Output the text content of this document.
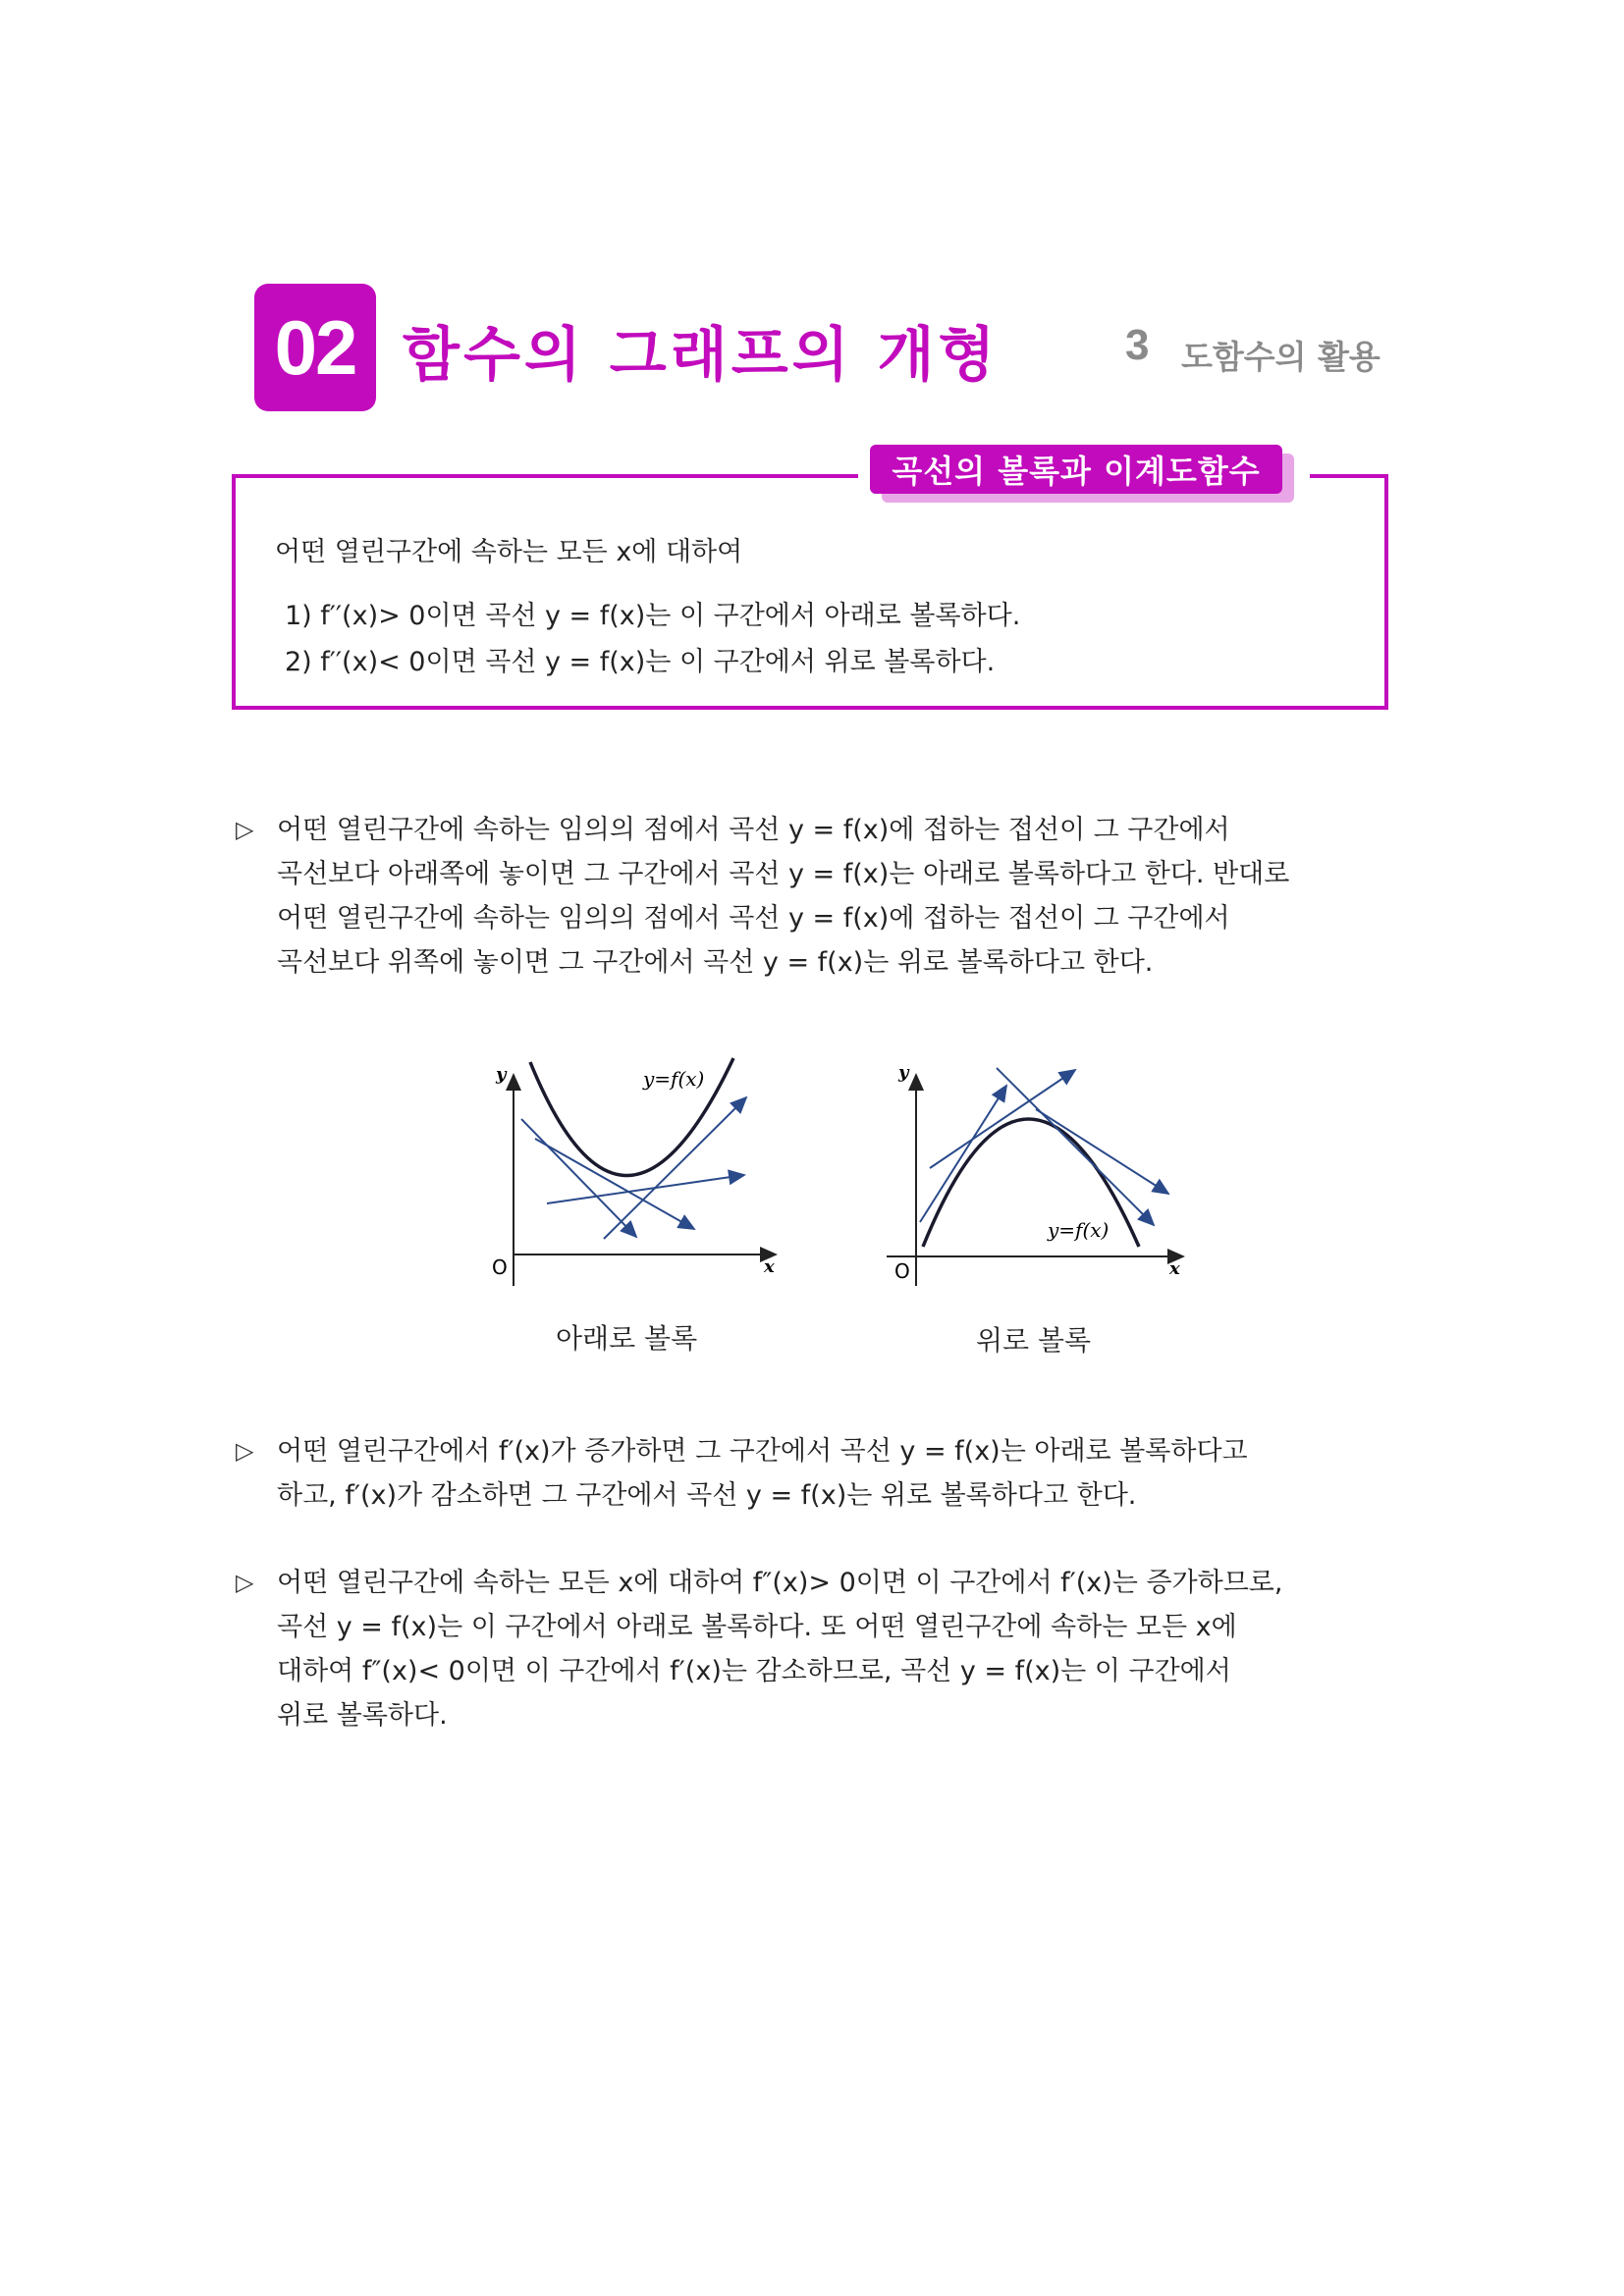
02 함수의 그래프의 개형	3 도함수의 활용
곡선의 볼록과 이계도함수
어떤 열린구간에 속하는 모든 x에 대하여
1) f′′(x)> 0이면 곡선 y = f(x)는 이 구간에서 아래로 볼록하다.
2) f′′(x)< 0이면 곡선 y = f(x)는 이 구간에서 위로 볼록하다.
▷ 어떤 열린구간에 속하는 임의의 점에서 곡선 y = f(x)에 접하는 접선이 그 구간에서
곡선보다 아래쪽에 놓이면 그 구간에서 곡선 y = f(x)는 아래로 볼록하다고 한다. 반대로
어떤 열린구간에 속하는 임의의 점에서 곡선 y = f(x)에 접하는 접선이 그 구간에서
곡선보다 위쪽에 놓이면 그 구간에서 곡선 y = f(x)는 위로 볼록하다고 한다.
y
x
O
y=f(x)	y
x
O
y=f(x)
아래로 볼록	위로 볼록
▷ 어떤 열린구간에서 f′(x)가 증가하면 그 구간에서 곡선 y = f(x)는 아래로 볼록하다고
하고, f′(x)가 감소하면 그 구간에서 곡선 y = f(x)는 위로 볼록하다고 한다.
▷ 어떤 열린구간에 속하는 모든 x에 대하여 f″(x)> 0이면 이 구간에서 f′(x)는 증가하므로,
곡선 y = f(x)는 이 구간에서 아래로 볼록하다. 또 어떤 열린구간에 속하는 모든 x에
대하여 f″(x)< 0이면 이 구간에서 f′(x)는 감소하므로, 곡선 y = f(x)는 이 구간에서
위로 볼록하다.
